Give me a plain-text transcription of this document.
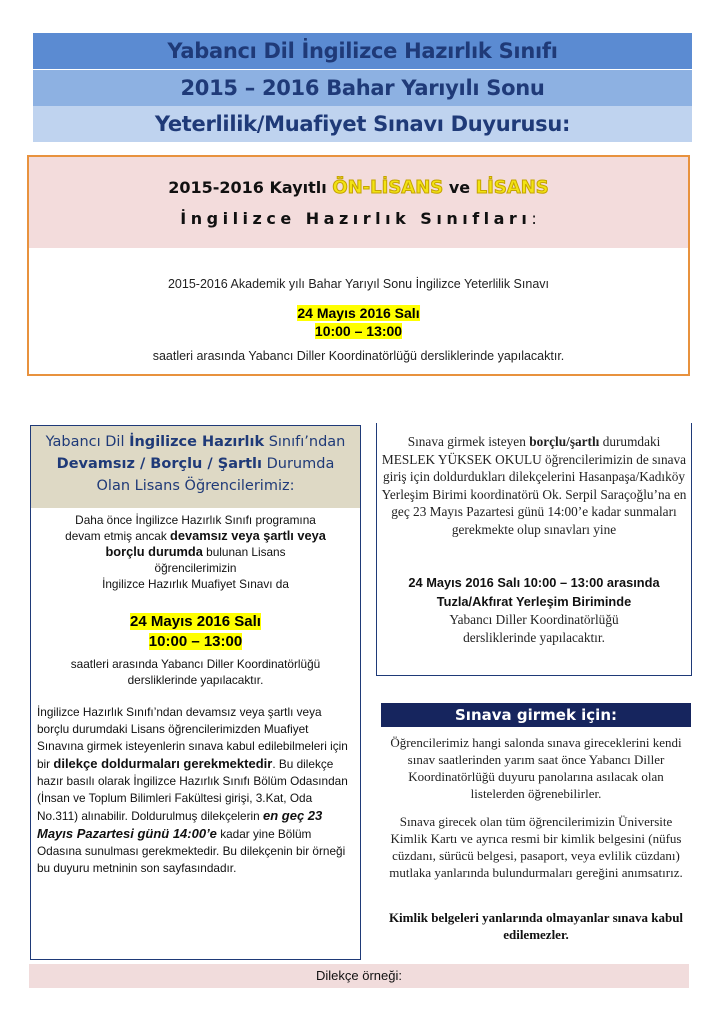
Yabancı Dil İngilizce Hazırlık Sınıfı
2015 – 2016 Bahar Yarıyılı Sonu
Yeterlilik/Muafiyet Sınavı Duyurusu:
2015-2016 Kayıtlı ÖN-LİSANS ve LİSANS
İngilizce Hazırlık Sınıfları:
2015-2016 Akademik yılı Bahar Yarıyıl Sonu İngilizce Yeterlilik Sınavı
24 Mayıs 2016 Salı
10:00 – 13:00
saatleri arasında Yabancı Diller Koordinatörlüğü dersliklerinde yapılacaktır.
Yabancı Dil İngilizce Hazırlık Sınıfı’ndan
Devamsız / Borçlu / Şartlı Durumda
Olan Lisans Öğrencilerimiz:
Daha önce İngilizce Hazırlık Sınıfı programına
devam etmiş ancak devamsız veya şartlı veya
borçlu durumda bulunan Lisans
öğrencilerimizin
İngilizce Hazırlık Muafiyet Sınavı da
24 Mayıs 2016 Salı
10:00 – 13:00
saatleri arasında Yabancı Diller Koordinatörlüğü
dersliklerinde yapılacaktır.
İngilizce Hazırlık Sınıfı’ndan devamsız veya şartlı veya borçlu durumdaki Lisans öğrencilerimizden Muafiyet Sınavına girmek isteyenlerin sınava kabul edilebilmeleri için bir dilekçe doldurmaları gerekmektedir. Bu dilekçe hazır basılı olarak İngilizce Hazırlık Sınıfı Bölüm Odasından (İnsan ve Toplum Bilimleri Fakültesi girişi, 3.Kat, Oda No.311) alınabilir. Doldurulmuş dilekçelerin en geç 23 Mayıs Pazartesi günü 14:00’e kadar yine Bölüm Odasına sunulması gerekmektedir. Bu dilekçenin bir örneği bu duyuru metninin son sayfasındadır.
Sınava girmek isteyen borçlu/şartlı durumdaki MESLEK YÜKSEK OKULU öğrencilerimizin de sınava giriş için doldurdukları dilekçelerini Hasanpaşa/Kadıköy Yerleşim Birimi koordinatörü Ok. Serpil Saraçoğlu’na en geç 23 Mayıs Pazartesi günü 14:00’e kadar sunmaları gerekmekte olup sınavları yine
24 Mayıs 2016 Salı 10:00 – 13:00 arasında
Tuzla/Akfırat Yerleşim Biriminde
Yabancı Diller Koordinatörlüğü
dersliklerinde yapılacaktır.
Sınava girmek için:
Öğrencilerimiz hangi salonda sınava gireceklerini kendi sınav saatlerinden yarım saat önce Yabancı Diller Koordinatörlüğü duyuru panolarına asılacak olan listelerden öğrenebilirler.
Sınava girecek olan tüm öğrencilerimizin Üniversite Kimlik Kartı ve ayrıca resmi bir kimlik belgesini (nüfus cüzdanı, sürücü belgesi, pasaport, veya evlilik cüzdanı) mutlaka yanlarında bulundurmaları gereğini anımsatırız.
Kimlik belgeleri yanlarında olmayanlar sınava kabul edilemezler.
Dilekçe örneği:
